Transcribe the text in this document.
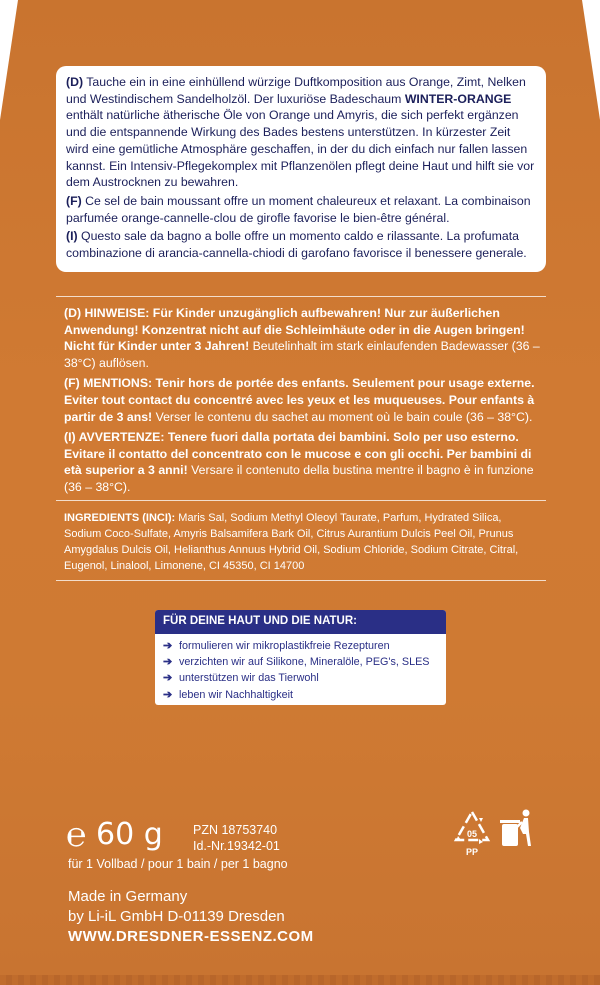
(D) Tauche ein in eine einhüllend würzige Duftkomposition aus Orange, Zimt, Nelken und Westindischem Sandelholzöl. Der luxuriöse Badeschaum WINTER-ORANGE enthält natürliche ätherische Öle von Orange und Amyris, die sich perfekt ergänzen und die entspannende Wirkung des Bades bestens unterstützen. In kürzester Zeit wird eine gemütliche Atmosphäre geschaffen, in der du dich einfach nur fallen lassen kannst. Ein Intensiv-Pflegekomplex mit Pflanzenölen pflegt deine Haut und hilft sie vor dem Austrocknen zu bewahren.

(F) Ce sel de bain moussant offre un moment chaleureux et relaxant. La combinaison parfumée orange-cannelle-clou de girofle favorise le bien-être général.

(I) Questo sale da bagno a bolle offre un momento caldo e rilassante. La profumata combinazione di arancia-cannella-chiodi di garofano favorisce il benessere generale.

(D) HINWEISE: Für Kinder unzugänglich aufbewahren! Nur zur äußerlichen Anwendung! Konzentrat nicht auf die Schleimhäute oder in die Augen bringen! Nicht für Kinder unter 3 Jahren! Beutelinhalt im stark einlaufenden Badewasser (36 – 38°C) auflösen.

(F) MENTIONS: Tenir hors de portée des enfants. Seulement pour usage externe. Eviter tout contact du concentré avec les yeux et les muqueuses. Pour enfants à partir de 3 ans! Verser le contenu du sachet au moment où le bain coule (36 – 38°C).

(I) AVVERTENZE: Tenere fuori dalla portata dei bambini. Solo per uso esterno. Evitare il contatto del concentrato con le mucose e con gli occhi. Per bambini di età superior a 3 anni! Versare il contenuto della bustina mentre il bagno è in funzione (36 – 38°C).

INGREDIENTS (INCI): Maris Sal, Sodium Methyl Oleoyl Taurate, Parfum, Hydrated Silica, Sodium Coco-Sulfate, Amyris Balsamifera Bark Oil, Citrus Aurantium Dulcis Peel Oil, Prunus Amygdalus Dulcis Oil, Helianthus Annuus Hybrid Oil, Sodium Chloride, Sodium Citrate, Citral, Eugenol, Linalool, Limonene, CI 45350, CI 14700
FÜR DEINE HAUT UND DIE NATUR:
➔ formulieren wir mikroplastikfreie Rezepturen
➔ verzichten wir auf Silikone, Mineralöle, PEG's, SLES
➔ unterstützen wir das Tierwohl
➔ leben wir Nachhaltigkeit
℮ 60 g PZN 18753740
Id.-Nr.19342-01
für 1 Vollbad / pour 1 bain / per 1 bagno
Made in Germany
by Li-iL GmbH D-01139 Dresden
WWW.DRESDNER-ESSENZ.COM
05
PP
